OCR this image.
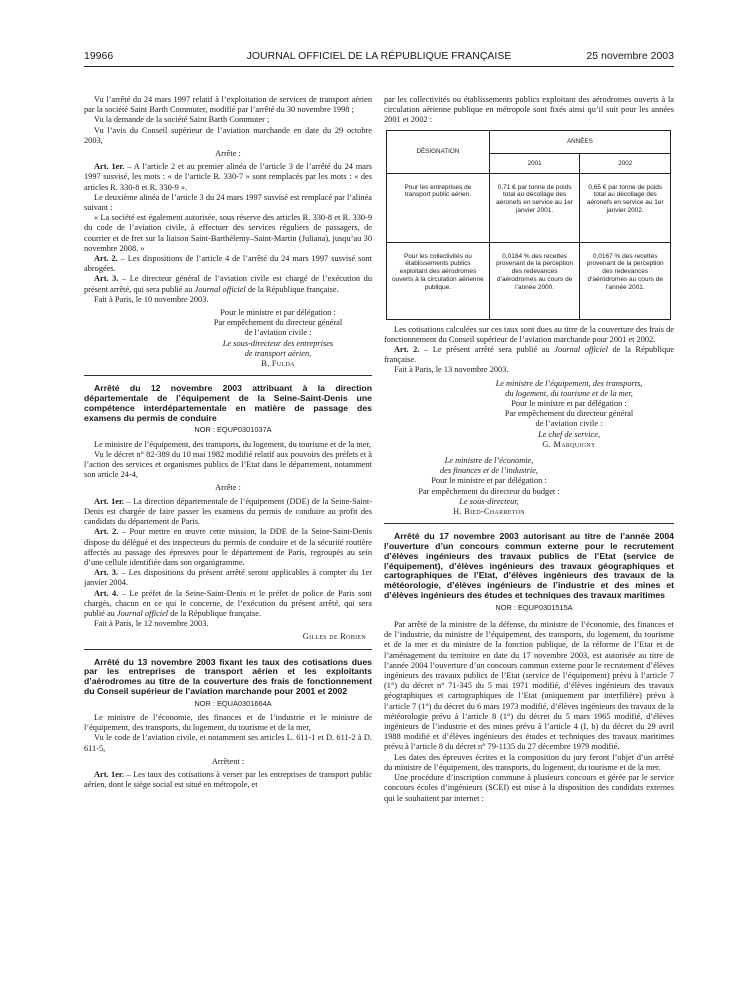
19966	JOURNAL OFFICIEL DE LA RÉPUBLIQUE FRANÇAISE	25 novembre 2003

Vu l’arrêté du 24 mars 1997 relatif à l’exploitation de services de transport aérien par la société Saint Barth Commuter, modifié par l’arrêté du 30 novembre 1998 ;

Vu la demande de la société Saint Barth Commuter ;

Vu l’avis du Conseil supérieur de l’aviation marchande en date du 29 octobre 2003,

Arrête :

Art. 1er. – A l’article 2 et au premier alinéa de l’article 3 de l’arrêté du 24 mars 1997 susvisé, les mots : « de l’article R. 330-7 » sont remplacés par les mots : « des articles R. 330-8 et R. 330-9 ».

Le deuxième alinéa de l’article 3 du 24 mars 1997 susvisé est remplacé par l’alinéa suivant :

« La société est également autorisée, sous réserve des articles R. 330-8 et R. 330-9 du code de l’aviation civile, à effectuer des services réguliers de passagers, de courrier et de fret sur la liaison Saint-Barthélemy–Saint-Martin (Juliana), jusqu’au 30 novembre 2008. »

Art. 2. – Les dispositions de l’article 4 de l’arrêté du 24 mars 1997 susvisé sont abrogées.

Art. 3. – Le directeur général de l’aviation civile est chargé de l’exécution du présent arrêté, qui sera publié au Journal officiel de la République française.

Fait à Paris, le 10 novembre 2003.

Pour le ministre et par délégation :

Par empêchement du directeur général

de l’aviation civile :

Le sous-directeur des entreprises

de transport aérien,

B. Fulda

Arrêté du 12 novembre 2003 attribuant à la direction départementale de l’équipement de la Seine-Saint-Denis une compétence interdépartementale en matière de passage des examens du permis de conduire

NOR : EQUP0301037A

Le ministre de l’équipement, des transports, du logement, du tourisme et de la mer,

Vu le décret n° 82-389 du 10 mai 1982 modifié relatif aux pouvoirs des préfets et à l’action des services et organismes publics de l’Etat dans le département, notamment son article 24-4,

Arrête :

Art. 1er. – La direction départementale de l’équipement (DDE) de la Seine-Saint-Denis est chargée de faire passer les examens du permis de conduire au profit des candidats du département de Paris.

Art. 2. – Pour mettre en œuvre cette mission, la DDE de la Seine-Saint-Denis dispose du délégué et des inspecteurs du permis de conduire et de la sécurité routière affectés au passage des épreuves pour le département de Paris, regroupés au sein d’une cellule identifiée dans son organigramme.

Art. 3. – Les dispositions du présent arrêté seront applicables à compter du 1er janvier 2004.

Art. 4. – Le préfet de la Seine-Saint-Denis et le préfet de police de Paris sont chargés, chacun en ce qui le concerne, de l’exécution du présent arrêté, qui sera publié au Journal officiel de la République française.

Fait à Paris, le 12 novembre 2003.

Gilles de Robien

Arrêté du 13 novembre 2003 fixant les taux des cotisations dues par les entreprises de transport aérien et les exploitants d’aérodromes au titre de la couverture des frais de fonctionnement du Conseil supérieur de l’aviation marchande pour 2001 et 2002

NOR : EQUA0301664A

Le ministre de l’économie, des finances et de l’industrie et le ministre de l’équipement, des transports, du logement, du tourisme et de la mer,

Vu le code de l’aviation civile, et notamment ses articles L. 611-1 et D. 611-2 à D. 611-5,

Arrêtent :

Art. 1er. – Les taux des cotisations à verser par les entreprises de transport public aérien, dont le siège social est situé en métropole, et

par les collectivités ou établissements publics exploitant des aérodromes ouverts à la circulation aérienne publique en métropole sont fixés ainsi qu’il suit pour les années 2001 et 2002 :

DÉSIGNATION	ANNÉES	
	2001	2002
Pour les entreprises de transport public aérien.	0,71 € par tonne de poids total au décollage des aéronefs en service au 1er janvier 2001.	0,65 € par tonne de poids total au décollage des aéronefs en service au 1er janvier 2002.
Pour les collectivités ou établissements publics exploitant des aérodromes ouverts à la circulation aérienne publique.	0,0184 % des recettes provenant de la perception des redevances d’aérodromes au cours de l’année 2000.	0,0167 % des recettes provenant de la perception des redevances d’aérodromes au cours de l’année 2001.

Les cotisations calculées sur ces taux sont dues au titre de la couverture des frais de fonctionnement du Conseil supérieur de l’aviation marchande pour 2001 et 2002.

Art. 2. – Le présent arrêté sera publié au Journal officiel de la République française.

Fait à Paris, le 13 novembre 2003.

Le ministre de l’équipement, des transports,

du logement, du tourisme et de la mer,

Pour le ministre et par délégation :

Par empêchement du directeur général

de l’aviation civile :

Le chef de service,

G. Marquigny

Le ministre de l’économie,

des finances et de l’industrie,

Pour le ministre et par délégation :

Par empêchement du directeur du budget :

Le sous-directeur,

H. Bied-Charreton

Arrêté du 17 novembre 2003 autorisant au titre de l’année 2004 l’ouverture d’un concours commun externe pour le recrutement d’élèves ingénieurs des travaux publics de l’Etat (service de l’équipement), d’élèves ingénieurs des travaux géographiques et cartographiques de l’Etat, d’élèves ingénieurs des travaux de la météorologie, d’élèves ingénieurs de l’industrie et des mines et d’élèves ingénieurs des études et techniques des travaux maritimes

NOR : EQUP0301515A

Par arrêté de la ministre de la défense, du ministre de l’économie, des finances et de l’industrie, du ministre de l’équipement, des transports, du logement, du tourisme et de la mer et du ministre de la fonction publique, de la réforme de l’Etat et de l’aménagement du territoire en date du 17 novembre 2003, est autorisée au titre de l’année 2004 l’ouverture d’un concours commun externe pour le recrutement d’élèves ingénieurs des travaux publics de l’Etat (service de l’équipement) prévu à l’article 7 (1°) du décret n° 71-345 du 5 mai 1971 modifié, d’élèves ingénieurs des travaux géographiques et cartographiques de l’Etat (uniquement par interfilière) prévu à l’article 7 (1°) du décret du 6 mars 1973 modifié, d’élèves ingénieurs des travaux de la météorologie prévu à l’article 8 (1°) du décret du 5 mars 1965 modifié, d’élèves ingénieurs de l’industrie et des mines prévu à l’article 4 (I, b) du décret du 29 avril 1988 modifié et d’élèves ingénieurs des études et techniques des travaux maritimes prévu à l’article 8 du décret n° 79-1135 du 27 décembre 1979 modifié.

Les dates des épreuves écrites et la composition du jury feront l’objet d’un arrêté du ministre de l’équipement, des transports, du logement, du tourisme et de la mer.

Une procédure d’inscription commune à plusieurs concours et gérée par le service concours écoles d’ingénieurs (SCEI) est mise à la disposition des candidats externes qui le souhaitent par internet :
